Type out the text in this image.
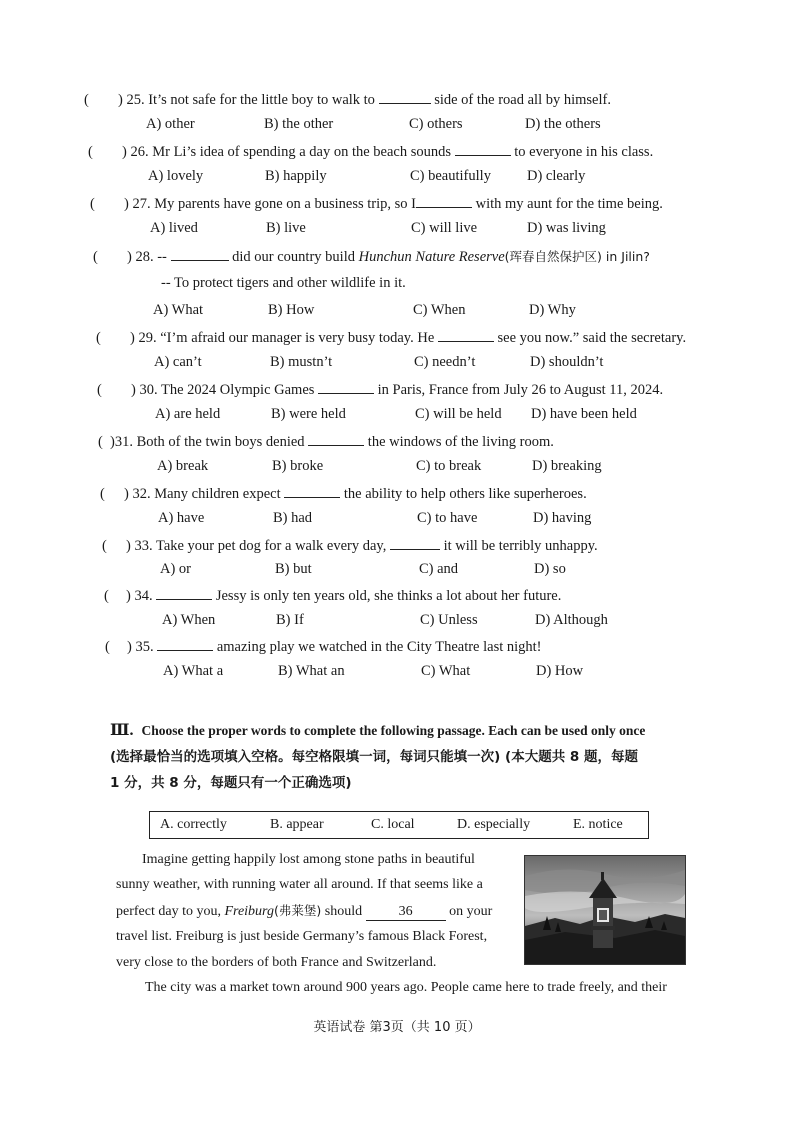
( ) 25. It’s not safe for the little boy to walk to	side of the road all by himself.
A) other	B) the other	C) others	D) the others
( ) 26. Mr Li’s idea of spending a day on the beach sounds	to everyone in his class.
A) lovely	B) happily	C) beautifully D) clearly
( ) 27. My parents have gone on a business trip, so I	with my aunt for the time being.
A) lived	B) live	C) will live	D) was living
( ) 28. --	did our country build Hunchun Nature Reserve(珲春自然保护区) in Jilin?
-- To protect tigers and other wildlife in it.
A) What	B) How	C) When	D) Why
( ) 29. “I’m afraid our manager is very busy today. He	see you now.” said the secretary.
A) can’t	B) mustn’t	C) needn’t	D) shouldn’t
( ) 30. The 2024 Olympic Games	in Paris, France from July 26 to August 11, 2024.
A) are held	B) were held	C) will be held D) have been held
( )31. Both of the twin boys denied	the windows of the living room.
A) break	B) broke	C) to break	D) breaking
( ) 32. Many children expect	the ability to help others like superheroes.
A) have	B) had	C) to have	D) having
( ) 33. Take your pet dog for a walk every day,	it will be terribly unhappy.
A) or	B) but	C) and	D) so
( ) 34.	Jessy is only ten years old, she thinks a lot about her future.
A) When	B) If	C) Unless	D) Although
( ) 35.	amazing play we watched in the City Theatre last night!
A) What a	B) What an	C) What	D) How
Ⅲ. Choose the proper words to complete the following passage. Each can be used only once
(选择最恰当的选项填入空格。每空格限填一词，每词只能填一次) (本大题共 8 题，每题
1 分，共 8 分，每题只有一个正确选项)
A. correctly	B. appear	C. local	D. especially	E. notice
Imagine getting happily lost among stone paths in beautiful
sunny weather, with running water all around. If that seems like a
perfect day to you, Freiburg(弗莱堡) should	36	on your
travel list. Freiburg is just beside Germany’s famous Black Forest,
very close to the borders of both France and Switzerland.
The city was a market town around 900 years ago. People came here to trade freely, and their
英语试卷 第3页（共 10 页）
